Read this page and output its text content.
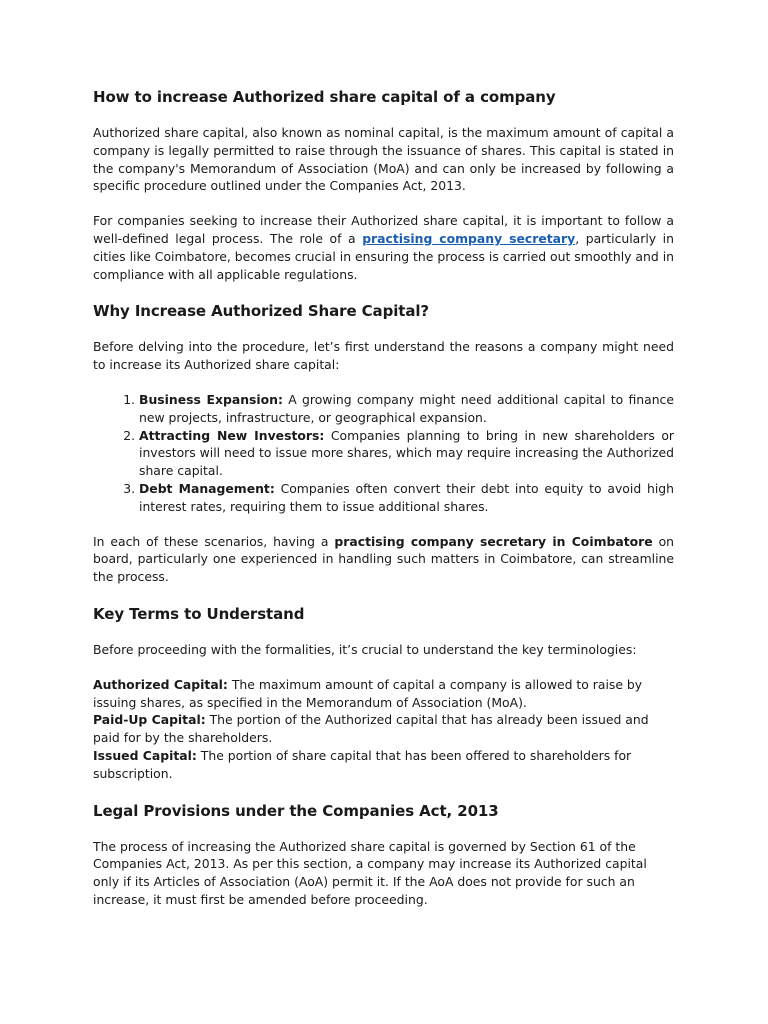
How to increase Authorized share capital of a company

Authorized share capital, also known as nominal capital, is the maximum amount of capital a company is legally permitted to raise through the issuance of shares. This capital is stated in the company's Memorandum of Association (MoA) and can only be increased by following a specific procedure outlined under the Companies Act, 2013.

For companies seeking to increase their Authorized share capital, it is important to follow a well-defined legal process. The role of a practising company secretary, particularly in cities like Coimbatore, becomes crucial in ensuring the process is carried out smoothly and in compliance with all applicable regulations.

Why Increase Authorized Share Capital?

Before delving into the procedure, let’s first understand the reasons a company might need to increase its Authorized share capital:

1. Business Expansion: A growing company might need additional capital to finance new projects, infrastructure, or geographical expansion.
2. Attracting New Investors: Companies planning to bring in new shareholders or investors will need to issue more shares, which may require increasing the Authorized share capital.
3. Debt Management: Companies often convert their debt into equity to avoid high interest rates, requiring them to issue additional shares.

In each of these scenarios, having a practising company secretary in Coimbatore on board, particularly one experienced in handling such matters in Coimbatore, can streamline the process.

Key Terms to Understand

Before proceeding with the formalities, it’s crucial to understand the key terminologies:

Authorized Capital: The maximum amount of capital a company is allowed to raise by issuing shares, as specified in the Memorandum of Association (MoA).

Paid-Up Capital: The portion of the Authorized capital that has already been issued and paid for by the shareholders.

Issued Capital: The portion of share capital that has been offered to shareholders for subscription.

Legal Provisions under the Companies Act, 2013

The process of increasing the Authorized share capital is governed by Section 61 of the Companies Act, 2013. As per this section, a company may increase its Authorized capital only if its Articles of Association (AoA) permit it. If the AoA does not provide for such an increase, it must first be amended before proceeding.
